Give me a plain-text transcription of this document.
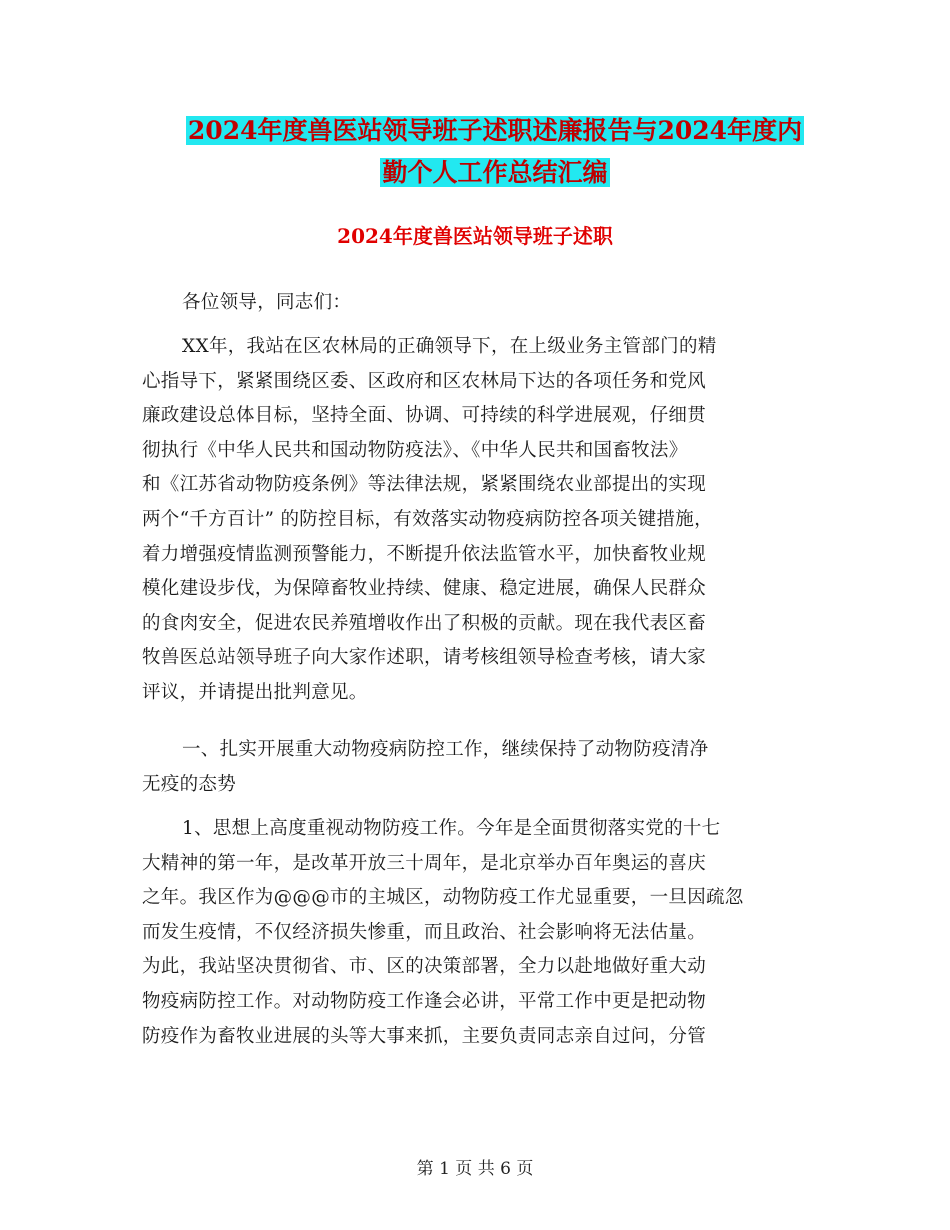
2024年度兽医站领导班子述职述廉报告与2024年度内
勤个人工作总结汇编
2024年度兽医站领导班子述职
各位领导，同志们：
XX年，我站在区农林局的正确领导下，在上级业务主管部门的精
心指导下，紧紧围绕区委、区政府和区农林局下达的各项任务和党风
廉政建设总体目标，坚持全面、协调、可持续的科学进展观，仔细贯
彻执行《中华人民共和国动物防疫法》、《中华人民共和国畜牧法》
和《江苏省动物防疫条例》等法律法规，紧紧围绕农业部提出的实现
两个“千方百计” 的防控目标，有效落实动物疫病防控各项关键措施，
着力增强疫情监测预警能力，不断提升依法监管水平，加快畜牧业规
模化建设步伐，为保障畜牧业持续、健康、稳定进展，确保人民群众
的食肉安全，促进农民养殖增收作出了积极的贡献。现在我代表区畜
牧兽医总站领导班子向大家作述职，请考核组领导检查考核，请大家
评议，并请提出批判意见。
一、扎实开展重大动物疫病防控工作，继续保持了动物防疫清净
无疫的态势
1、思想上高度重视动物防疫工作。今年是全面贯彻落实党的十七
大精神的第一年，是改革开放三十周年，是北京举办百年奥运的喜庆
之年。我区作为@@@市的主城区，动物防疫工作尤显重要，一旦因疏忽
而发生疫情，不仅经济损失惨重，而且政治、社会影响将无法估量。
为此，我站坚决贯彻省、市、区的决策部署，全力以赴地做好重大动
物疫病防控工作。对动物防疫工作逢会必讲，平常工作中更是把动物
防疫作为畜牧业进展的头等大事来抓，主要负责同志亲自过问，分管
第 1 页 共 6 页
